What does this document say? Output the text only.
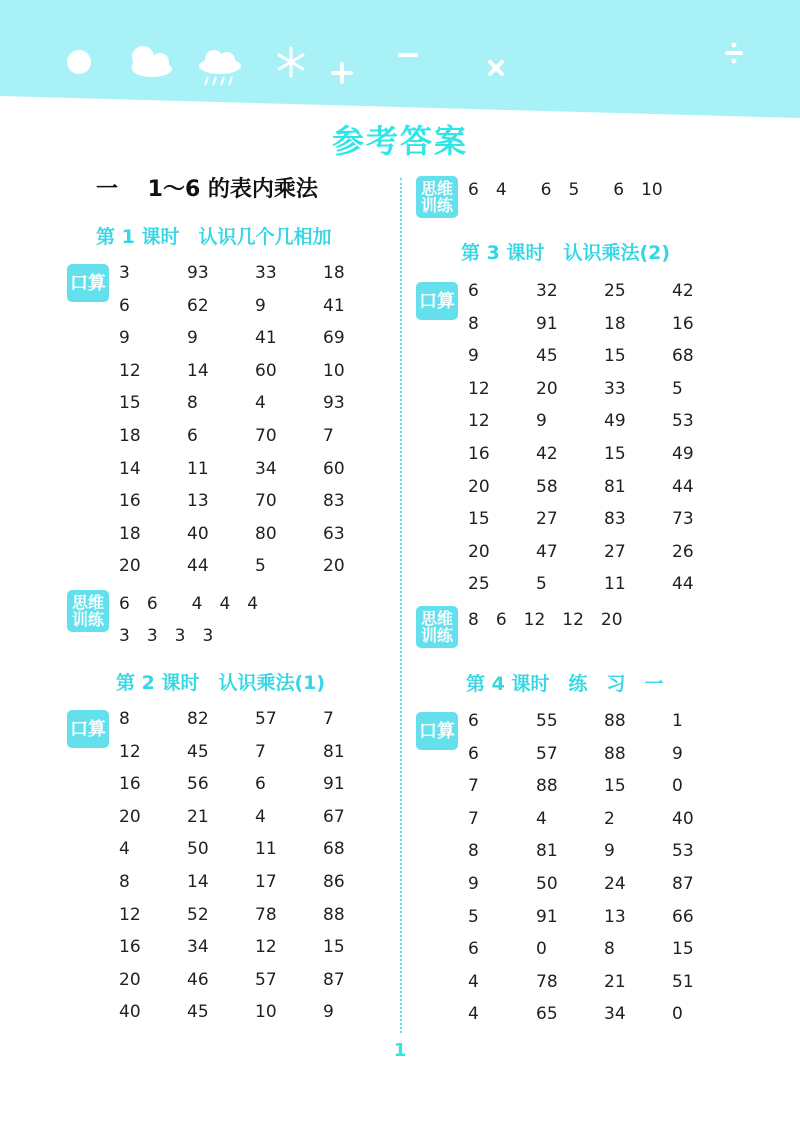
参考答案
一　 1～6 的表内乘法
第 1 课时　认识几个几相加
口算 3	93	33	18
6	62	9	41
9	9	41	69
12	14	60	10
15	8	4	93
18	6	70	7
14	11	34	60
16	13	70	83
18	40	80	63
20	44	5	20
思维
训练
6　6　　4　4　4
3　3　3　3
第 2 课时　认识乘法(1)
口算 8	82	57	7
12	45	7	81
16	56	6	91
20	21	4	67
4	50	11	68
8	14	17	86
12	52	78	88
16	34	12	15
20	46	57	87
40	45	10	9
思维
训练
6　4　　6　5　　6　10
第 3 课时　认识乘法(2)
口算 6	32	25	42
8	91	18	16
9	45	15	68
12	20	33	5
12	9	49	53
16	42	15	49
20	58	81	44
15	27	83	73
20	47	27	26
25	5	11	44
思维
训练
8　6　12　12　20
第 4 课时　练　习　一
口算 6	55	88	1
6	57	88	9
7	88	15	0
7	4	2	40
8	81	9	53
9	50	24	87
5	91	13	66
6	0	8	15
4	78	21	51
4	65	34	0
1
